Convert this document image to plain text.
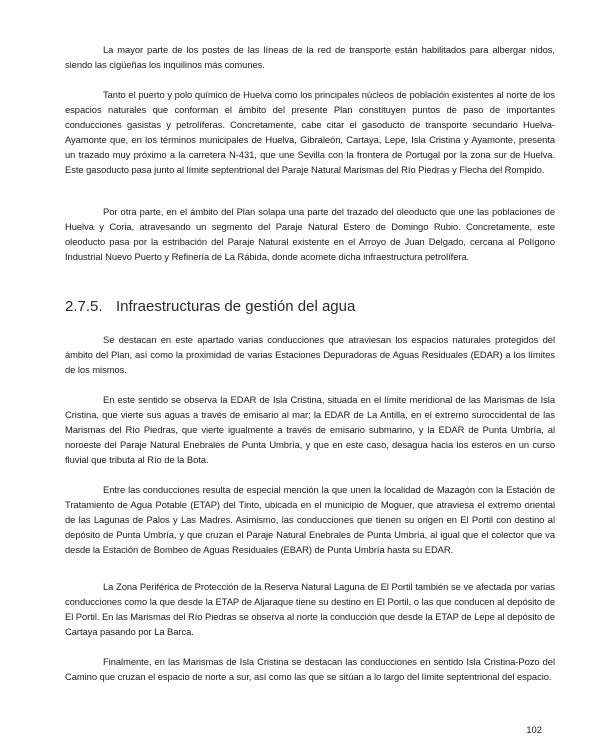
La mayor parte de los postes de las líneas de la red de transporte están habilitados para albergar nidos, siendo las cigüeñas los inquilinos más comunes.

Tanto el puerto y polo químico de Huelva como los principales núcleos de población existentes al norte de los espacios naturales que conforman el ámbito del presente Plan constituyen puntos de paso de importantes conducciones gasistas y petrolíferas. Concretamente, cabe citar el gasoducto de transporte secundario Huelva-Ayamonte que, en los términos municipales de Huelva, Gibraleón, Cartaya, Lepe, Isla Cristina y Ayamonte, presenta un trazado muy próximo a la carretera N-431, que une Sevilla con la frontera de Portugal por la zona sur de Huelva. Este gasoducto pasa junto al límite septentrional del Paraje Natural Marismas del Río Piedras y Flecha del Rompido.

Por otra parte, en el ámbito del Plan solapa una parte del trazado del oleoducto que une las poblaciones de Huelva y Coria, atravesando un segmento del Paraje Natural Estero de Domingo Rubio. Concretamente, este oleoducto pasa por la estribación del Paraje Natural existente en el Arroyo de Juan Delgado, cercana al Polígono Industrial Nuevo Puerto y Refinería de La Rábida, donde acomete dicha infraestructura petrolífera.

2.7.5. Infraestructuras de gestión del agua

Se destacan en este apartado varias conducciones que atraviesan los espacios naturales protegidos del ámbito del Plan, así como la proximidad de varias Estaciones Depuradoras de Aguas Residuales (EDAR) a los límites de los mismos.

En este sentido se observa la EDAR de Isla Cristina, situada en el límite meridional de las Marismas de Isla Cristina, que vierte sus aguas a través de emisario al mar; la EDAR de La Antilla, en el extremo suroccidental de las Marismas del Río Piedras, que vierte igualmente a través de emisario submarino, y la EDAR de Punta Umbría, al noroeste del Paraje Natural Enebrales de Punta Umbría, y que en este caso, desagua hacia los esteros en un curso fluvial que tributa al Río de la Bota.

Entre las conducciones resulta de especial mención la que unen la localidad de Mazagón con la Estación de Tratamiento de Agua Potable (ETAP) del Tinto, ubicada en el municipio de Moguer, que atraviesa el extremo oriental de las Lagunas de Palos y Las Madres. Asimismo, las conducciones que tienen su origen en El Portil con destino al depósito de Punta Umbría, y que cruzan el Paraje Natural Enebrales de Punta Umbría, al igual que el colector que va desde la Estación de Bombeo de Aguas Residuales (EBAR) de Punta Umbría hasta su EDAR.

La Zona Periférica de Protección de la Reserva Natural Laguna de El Portil también se ve afectada por varias conducciones como la que desde la ETAP de Aljaraque tiene su destino en El Portil, o las que conducen al depósito de El Portil. En las Marismas del Río Piedras se observa al norte la conducción que desde la ETAP de Lepe al depósito de Cartaya pasando por La Barca.

Finalmente, en las Marismas de Isla Cristina se destacan las conducciones en sentido Isla Cristina-Pozo del Camino que cruzan el espacio de norte a sur, así como las que se sitúan a lo largo del límite septentrional del espacio.

102
